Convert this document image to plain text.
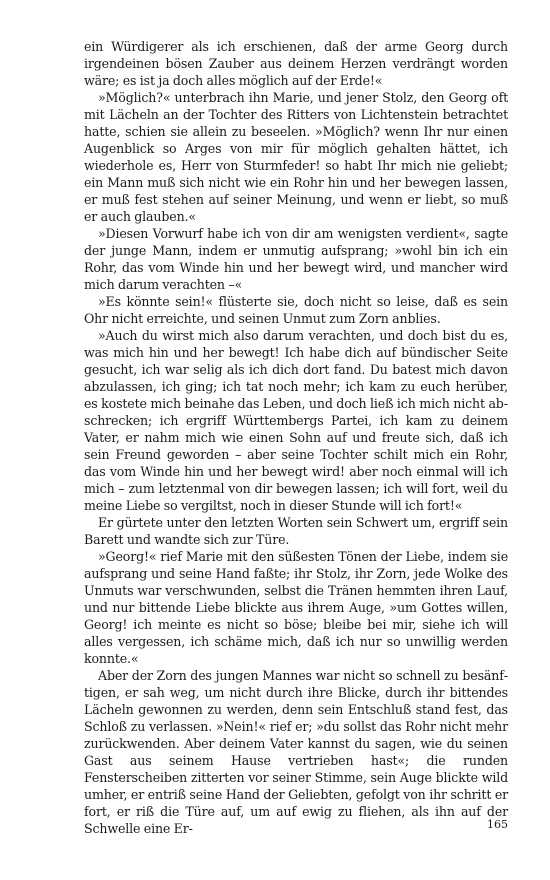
ein Würdigerer als ich erschienen, daß der arme Georg durch irgendeinen bösen Zauber aus deinem Herzen verdrängt worden wäre; es ist ja doch alles möglich auf der Erde!«

»Möglich?« unterbrach ihn Marie, und jener Stolz, den Georg oft mit Lächeln an der Tochter des Ritters von Lichtenstein betrachtet hatte, schien sie allein zu beseelen. »Möglich? wenn Ihr nur einen Augenblick so Arges von mir für möglich gehalten hättet, ich wiederhole es, Herr von Sturmfeder! so habt Ihr mich nie geliebt; ein Mann muß sich nicht wie ein Rohr hin und her bewegen lassen, er muß fest stehen auf seiner Meinung, und wenn er liebt, so muß er auch glauben.«

»Diesen Vorwurf habe ich von dir am wenigsten verdient«, sagte der junge Mann, indem er unmutig aufsprang; »wohl bin ich ein Rohr, das vom Winde hin und her bewegt wird, und mancher wird mich darum verachten –«

»Es könnte sein!« flüsterte sie, doch nicht so leise, daß es sein Ohr nicht erreichte, und seinen Unmut zum Zorn anblies.

»Auch du wirst mich also darum verachten, und doch bist du es, was mich hin und her bewegt! Ich habe dich auf bündischer Seite gesucht, ich war selig als ich dich dort fand. Du batest mich davon abzulassen, ich ging; ich tat noch mehr; ich kam zu euch herüber, es kostete mich beinahe das Leben, und doch ließ ich mich nicht abschrecken; ich ergriff Württembergs Partei, ich kam zu deinem Vater, er nahm mich wie einen Sohn auf und freute sich, daß ich sein Freund geworden – aber seine Tochter schilt mich ein Rohr, das vom Winde hin und her bewegt wird! aber noch einmal will ich mich – zum letztenmal von dir bewegen lassen; ich will fort, weil du meine Liebe so vergiltst, noch in dieser Stunde will ich fort!«

Er gürtete unter den letzten Worten sein Schwert um, ergriff sein Barett und wandte sich zur Türe.

»Georg!« rief Marie mit den süßesten Tönen der Liebe, indem sie aufsprang und seine Hand faßte; ihr Stolz, ihr Zorn, jede Wolke des Unmuts war verschwunden, selbst die Tränen hemmten ihren Lauf, und nur bittende Liebe blickte aus ihrem Auge, »um Gottes willen, Georg! ich meinte es nicht so böse; bleibe bei mir, siehe ich will alles vergessen, ich schäme mich, daß ich nur so unwillig werden konnte.«

Aber der Zorn des jungen Mannes war nicht so schnell zu besänftigen, er sah weg, um nicht durch ihre Blicke, durch ihr bittendes Lächeln gewonnen zu werden, denn sein Entschluß stand fest, das Schloß zu verlassen. »Nein!« rief er; »du sollst das Rohr nicht mehr zurückwenden. Aber deinem Vater kannst du sagen, wie du seinen Gast aus seinem Hause vertrieben hast«; die runden Fensterscheiben zitterten vor seiner Stimme, sein Auge blickte wild umher, er entriß seine Hand der Geliebten, gefolgt von ihr schritt er fort, er riß die Türe auf, um auf ewig zu fliehen, als ihn auf der Schwelle eine Er-	165
